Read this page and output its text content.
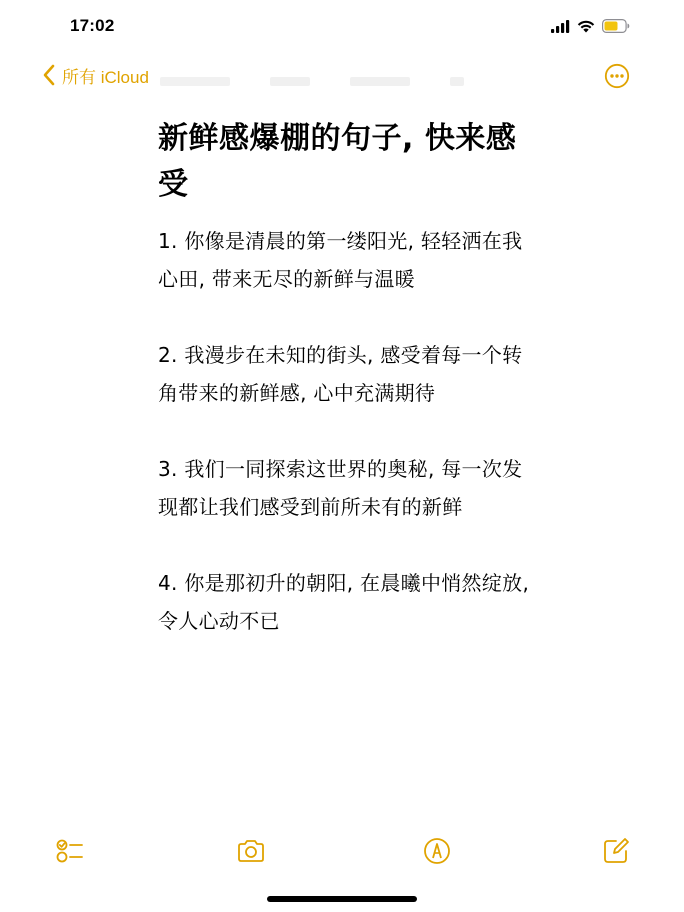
17:02
所有 iCloud
新鲜感爆棚的句子, 快来感受

1. 你像是清晨的第一缕阳光, 轻轻洒在我心田, 带来无尽的新鲜与温暖

2. 我漫步在未知的街头, 感受着每一个转角带来的新鲜感, 心中充满期待

3. 我们一同探索这世界的奥秘, 每一次发现都让我们感受到前所未有的新鲜

4. 你是那初升的朝阳, 在晨曦中悄然绽放, 令人心动不已
